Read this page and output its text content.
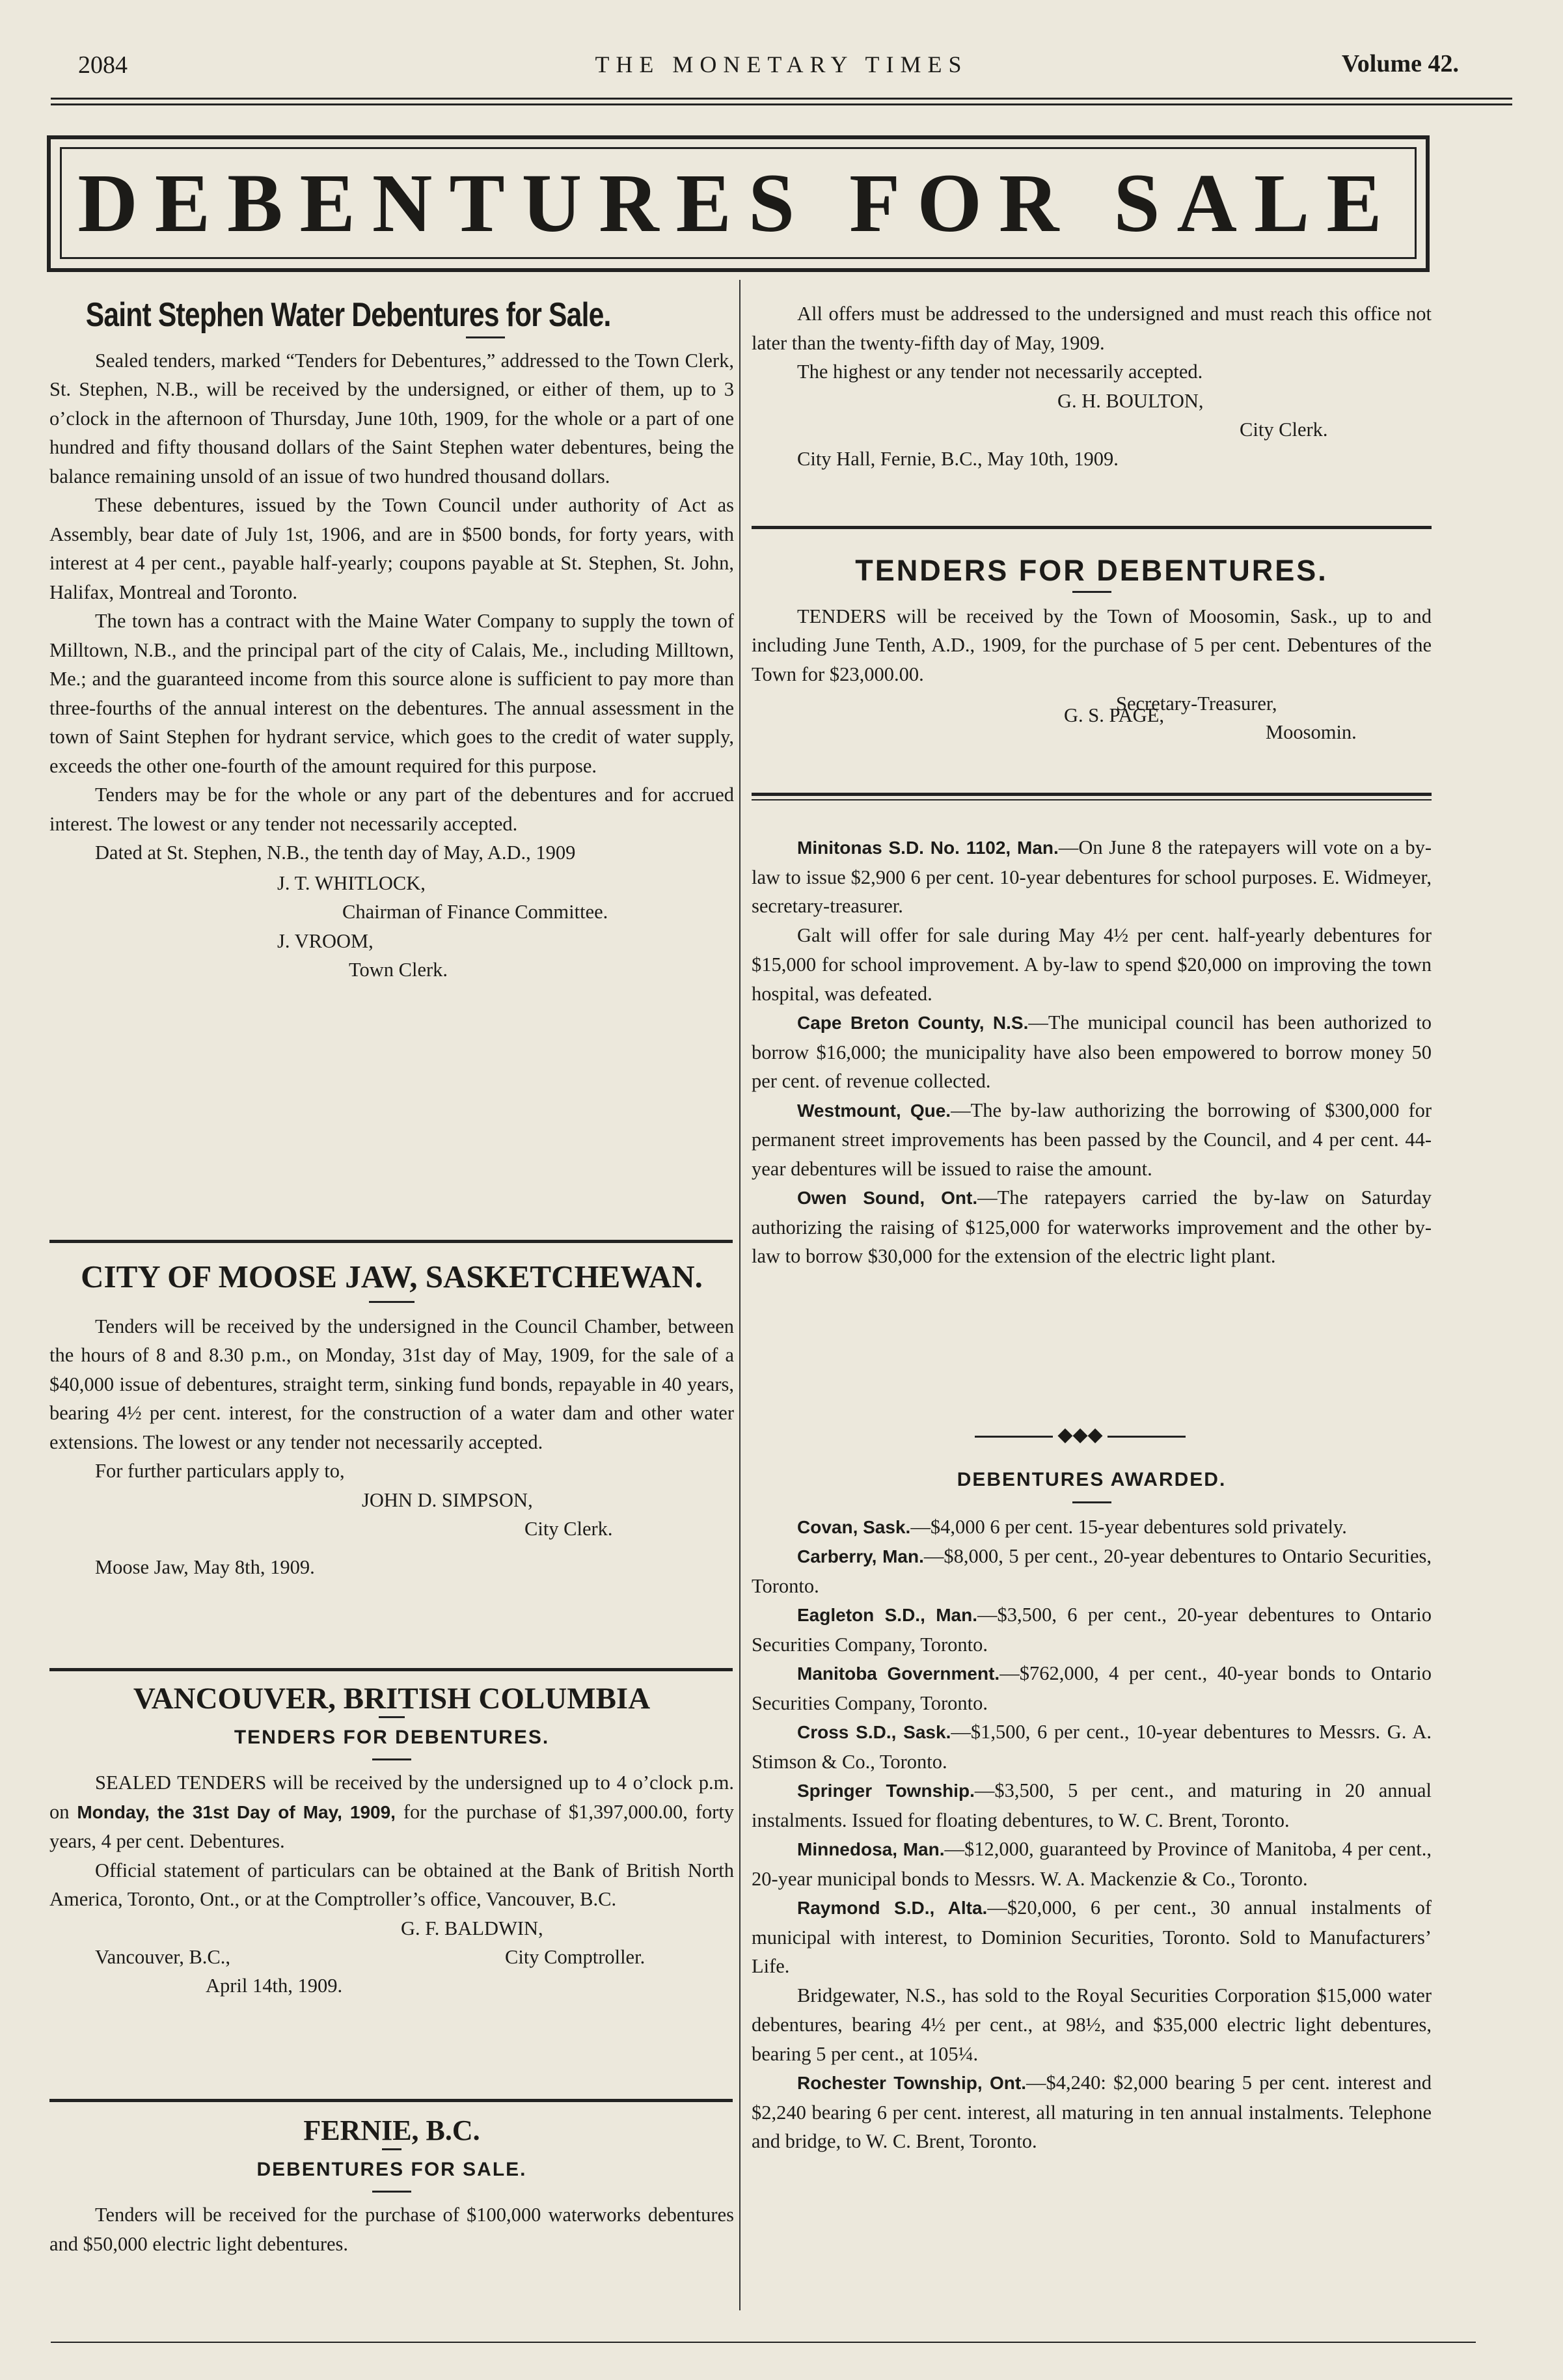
2084	THE MONETARY TIMES	Volume 42.
DEBENTURES FOR SALE
Saint Stephen Water Debentures for Sale.

Sealed tenders, marked “Tenders for Debentures,” addressed to the Town Clerk, St. Stephen, N.B., will be received by the undersigned, or either of them, up to 3 o’clock in the afternoon of Thursday, June 10th, 1909, for the whole or a part of one hundred and fifty thousand dollars of the Saint Stephen water debentures, being the balance remaining unsold of an issue of two hundred thousand dollars.

These debentures, issued by the Town Council under authority of Act as Assembly, bear date of July 1st, 1906, and are in $500 bonds, for forty years, with interest at 4 per cent., payable half-yearly; coupons payable at St. Stephen, St. John, Halifax, Montreal and Toronto.

The town has a contract with the Maine Water Company to supply the town of Milltown, N.B., and the principal part of the city of Calais, Me., including Milltown, Me.; and the guaranteed income from this source alone is sufficient to pay more than three-fourths of the annual interest on the debentures. The annual assessment in the town of Saint Stephen for hydrant service, which goes to the credit of water supply, exceeds the other one-fourth of the amount required for this purpose.

Tenders may be for the whole or any part of the debentures and for accrued interest. The lowest or any tender not necessarily accepted.

Dated at St. Stephen, N.B., the tenth day of May, A.D., 1909

J. T. WHITLOCK,
Chairman of Finance Committee.
J. VROOM,
Town Clerk.
CITY OF MOOSE JAW, SASKETCHEWAN.

Tenders will be received by the undersigned in the Council Chamber, between the hours of 8 and 8.30 p.m., on Monday, 31st day of May, 1909, for the sale of a $40,000 issue of debentures, straight term, sinking fund bonds, repayable in 40 years, bearing 4½ per cent. interest, for the construction of a water dam and other water extensions. The lowest or any tender not necessarily accepted.

For further particulars apply to,

JOHN D. SIMPSON,
City Clerk.

Moose Jaw, May 8th, 1909.

VANCOUVER, BRITISH COLUMBIA
TENDERS FOR DEBENTURES.

SEALED TENDERS will be received by the undersigned up to 4 o’clock p.m. on Monday, the 31st Day of May, 1909, for the purchase of $1,397,000.00, forty years, 4 per cent. Debentures.

Official statement of particulars can be obtained at the Bank of British North America, Toronto, Ont., or at the Comptroller’s office, Vancouver, B.C.

G. F. BALDWIN,
Vancouver, B.C.,	City Comptroller.
April 14th, 1909.
FERNIE, B.C.
DEBENTURES FOR SALE.

Tenders will be received for the purchase of $100,000 waterworks debentures and $50,000 electric light debentures.

All offers must be addressed to the undersigned and must reach this office not later than the twenty-fifth day of May, 1909.

The highest or any tender not necessarily accepted.

G. H. BOULTON,
City Clerk.

City Hall, Fernie, B.C., May 10th, 1909.

TENDERS FOR DEBENTURES.

TENDERS will be received by the Town of Moosomin, Sask., up to and including June Tenth, A.D., 1909, for the purchase of 5 per cent. Debentures of the Town for $23,000.00.

Secretary-Treasurer,
Moosomin.
G. S. PAGE,

Minitonas S.D. No. 1102, Man.—On June 8 the ratepayers will vote on a by-law to issue $2,900 6 per cent. 10-year debentures for school purposes. E. Widmeyer, secretary-treasurer.

Galt will offer for sale during May 4½ per cent. half-yearly debentures for $15,000 for school improvement. A by-law to spend $20,000 on improving the town hospital, was defeated.

Cape Breton County, N.S.—The municipal council has been authorized to borrow $16,000; the municipality have also been empowered to borrow money 50 per cent. of revenue collected.

Westmount, Que.—The by-law authorizing the borrowing of $300,000 for permanent street improvements has been passed by the Council, and 4 per cent. 44-year debentures will be issued to raise the amount.

Owen Sound, Ont.—The ratepayers carried the by-law on Saturday authorizing the raising of $125,000 for waterworks improvement and the other by-law to borrow $30,000 for the extension of the electric light plant.

◆◆◆
DEBENTURES AWARDED.

Covan, Sask.—$4,000 6 per cent. 15-year debentures sold privately.

Carberry, Man.—$8,000, 5 per cent., 20-year debentures to Ontario Securities, Toronto.

Eagleton S.D., Man.—$3,500, 6 per cent., 20-year debentures to Ontario Securities Company, Toronto.

Manitoba Government.—$762,000, 4 per cent., 40-year bonds to Ontario Securities Company, Toronto.

Cross S.D., Sask.—$1,500, 6 per cent., 10-year debentures to Messrs. G. A. Stimson & Co., Toronto.

Springer Township.—$3,500, 5 per cent., and maturing in 20 annual instalments. Issued for floating debentures, to W. C. Brent, Toronto.

Minnedosa, Man.—$12,000, guaranteed by Province of Manitoba, 4 per cent., 20-year municipal bonds to Messrs. W. A. Mackenzie & Co., Toronto.

Raymond S.D., Alta.—$20,000, 6 per cent., 30 annual instalments of municipal with interest, to Dominion Securities, Toronto. Sold to Manufacturers’ Life.

Bridgewater, N.S., has sold to the Royal Securities Corporation $15,000 water debentures, bearing 4½ per cent., at 98½, and $35,000 electric light debentures, bearing 5 per cent., at 105¼.

Rochester Township, Ont.—$4,240: $2,000 bearing 5 per cent. interest and $2,240 bearing 6 per cent. interest, all maturing in ten annual instalments. Telephone and bridge, to W. C. Brent, Toronto.
